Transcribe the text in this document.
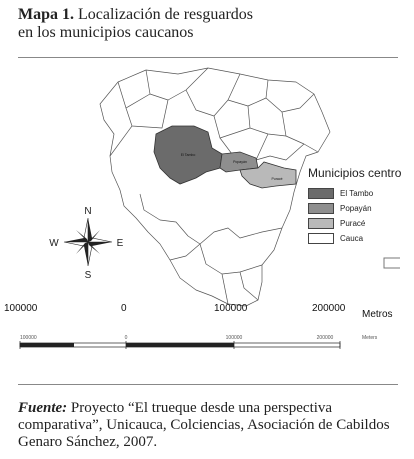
Mapa 1. Localización de resguardos
en los municipios caucanos
El Tambo
Popayán
Puracé
N
S
E
W
100000	0	100000	200000	Meters
Municipios centro
El Tambo
Popayán
Puracé
Cauca
100000	0	100000	200000
Metros
Fuente: Proyecto “El trueque desde una perspectiva comparativa”, Unicauca, Colciencias, Asociación de Cabildos Genaro Sánchez, 2007.
